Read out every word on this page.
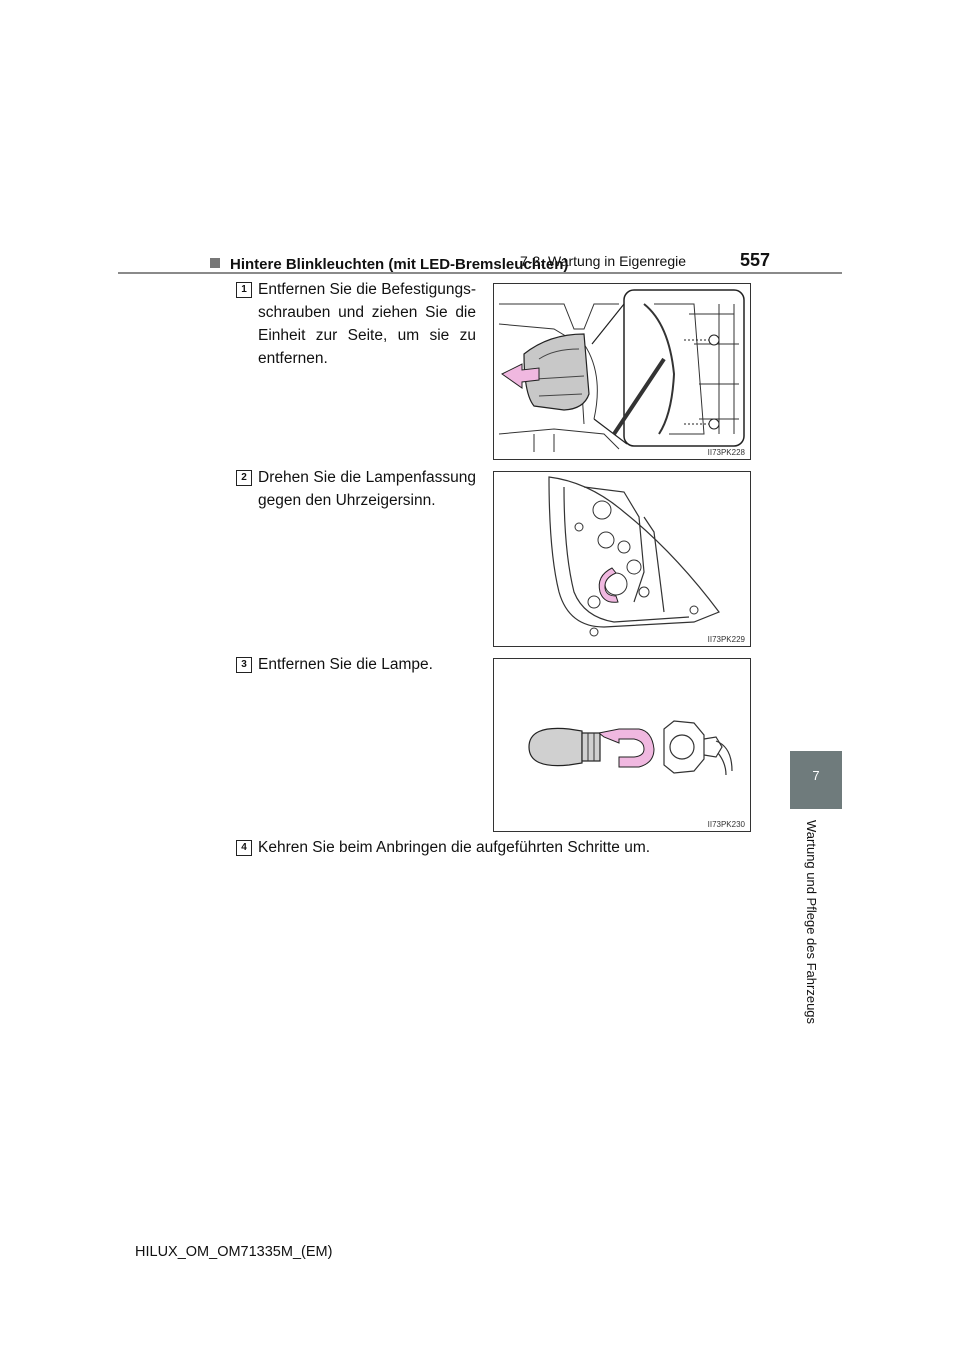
7-3. Wartung in Eigenregie	557
7
Wartung und Pflege des Fahrzeugs
Hintere Blinkleuchten (mit LED-Bremsleuchten)
1 Entfernen Sie die Befestigungsschrauben und ziehen Sie die Einheit zur Seite, um sie zu entfernen.
II73PK228
2 Drehen Sie die Lampenfassung gegen den Uhrzeigersinn.
II73PK229
3 Entfernen Sie die Lampe.
II73PK230
4 Kehren Sie beim Anbringen die aufgeführten Schritte um.
HILUX_OM_OM71335M_(EM)
